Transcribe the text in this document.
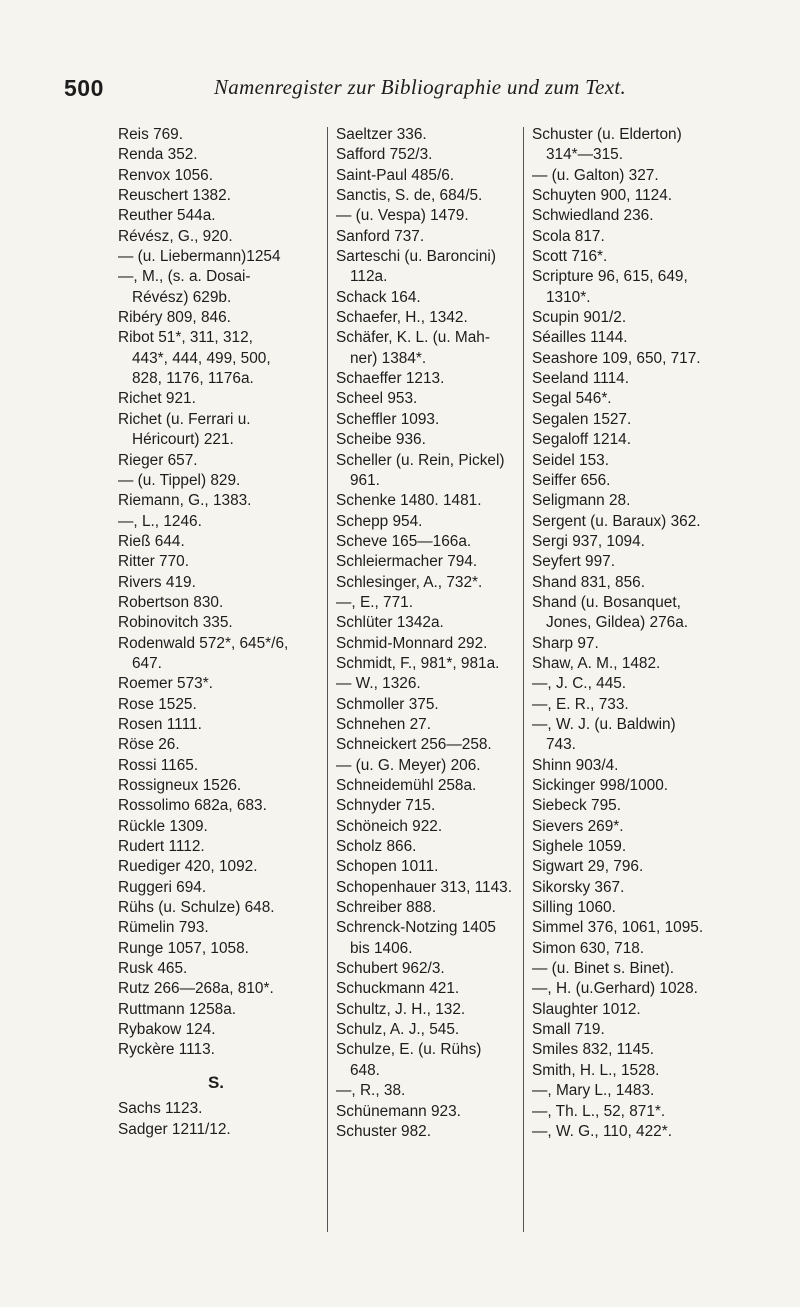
500	Namenregister zur Bibliographie und zum Text.
Reis 769.
Renda 352.
Renvox 1056.
Reuschert 1382.
Reuther 544a.
Révész, G., 920.
— (u. Liebermann)1254
—, M., (s. a. Dosai-
Révész) 629b.
Ribéry 809, 846.
Ribot 51*, 311, 312,
443*, 444, 499, 500,
828, 1176, 1176a.
Richet 921.
Richet (u. Ferrari u.
Héricourt) 221.
Rieger 657.
— (u. Tippel) 829.
Riemann, G., 1383.
—, L., 1246.
Rieß 644.
Ritter 770.
Rivers 419.
Robertson 830.
Robinovitch 335.
Rodenwald 572*, 645*/6,
647.
Roemer 573*.
Rose 1525.
Rosen 1111.
Röse 26.
Rossi 1165.
Rossigneux 1526.
Rossolimo 682a, 683.
Rückle 1309.
Rudert 1112.
Ruediger 420, 1092.
Ruggeri 694.
Rühs (u. Schulze) 648.
Rümelin 793.
Runge 1057, 1058.
Rusk 465.
Rutz 266—268a, 810*.
Ruttmann 1258a.
Rybakow 124.
Ryckère 1113.
S.
Sachs 1123.
Sadger 1211/12.
Saeltzer 336.
Safford 752/3.
Saint-Paul 485/6.
Sanctis, S. de, 684/5.
— (u. Vespa) 1479.
Sanford 737.
Sarteschi (u. Baroncini)
112a.
Schack 164.
Schaefer, H., 1342.
Schäfer, K. L. (u. Mah-
ner) 1384*.
Schaeffer 1213.
Scheel 953.
Scheffler 1093.
Scheibe 936.
Scheller (u. Rein, Pickel)
961.
Schenke 1480. 1481.
Schepp 954.
Scheve 165—166a.
Schleiermacher 794.
Schlesinger, A., 732*.
—, E., 771.
Schlüter 1342a.
Schmid-Monnard 292.
Schmidt, F., 981*, 981a.
— W., 1326.
Schmoller 375.
Schnehen 27.
Schneickert 256—258.
— (u. G. Meyer) 206.
Schneidemühl 258a.
Schnyder 715.
Schöneich 922.
Scholz 866.
Schopen 1011.
Schopenhauer 313, 1143.
Schreiber 888.
Schrenck-Notzing 1405
bis 1406.
Schubert 962/3.
Schuckmann 421.
Schultz, J. H., 132.
Schulz, A. J., 545.
Schulze, E. (u. Rühs)
648.
—, R., 38.
Schünemann 923.
Schuster 982.
Schuster (u. Elderton)
314*—315.
— (u. Galton) 327.
Schuyten 900, 1124.
Schwiedland 236.
Scola 817.
Scott 716*.
Scripture 96, 615, 649,
1310*.
Scupin 901/2.
Séailles 1144.
Seashore 109, 650, 717.
Seeland 1114.
Segal 546*.
Segalen 1527.
Segaloff 1214.
Seidel 153.
Seiffer 656.
Seligmann 28.
Sergent (u. Baraux) 362.
Sergi 937, 1094.
Seyfert 997.
Shand 831, 856.
Shand (u. Bosanquet,
Jones, Gildea) 276a.
Sharp 97.
Shaw, A. M., 1482.
—, J. C., 445.
—, E. R., 733.
—, W. J. (u. Baldwin)
743.
Shinn 903/4.
Sickinger 998/1000.
Siebeck 795.
Sievers 269*.
Sighele 1059.
Sigwart 29, 796.
Sikorsky 367.
Silling 1060.
Simmel 376, 1061, 1095.
Simon 630, 718.
— (u. Binet s. Binet).
—, H. (u.Gerhard) 1028.
Slaughter 1012.
Small 719.
Smiles 832, 1145.
Smith, H. L., 1528.
—, Mary L., 1483.
—, Th. L., 52, 871*.
—, W. G., 110, 422*.
